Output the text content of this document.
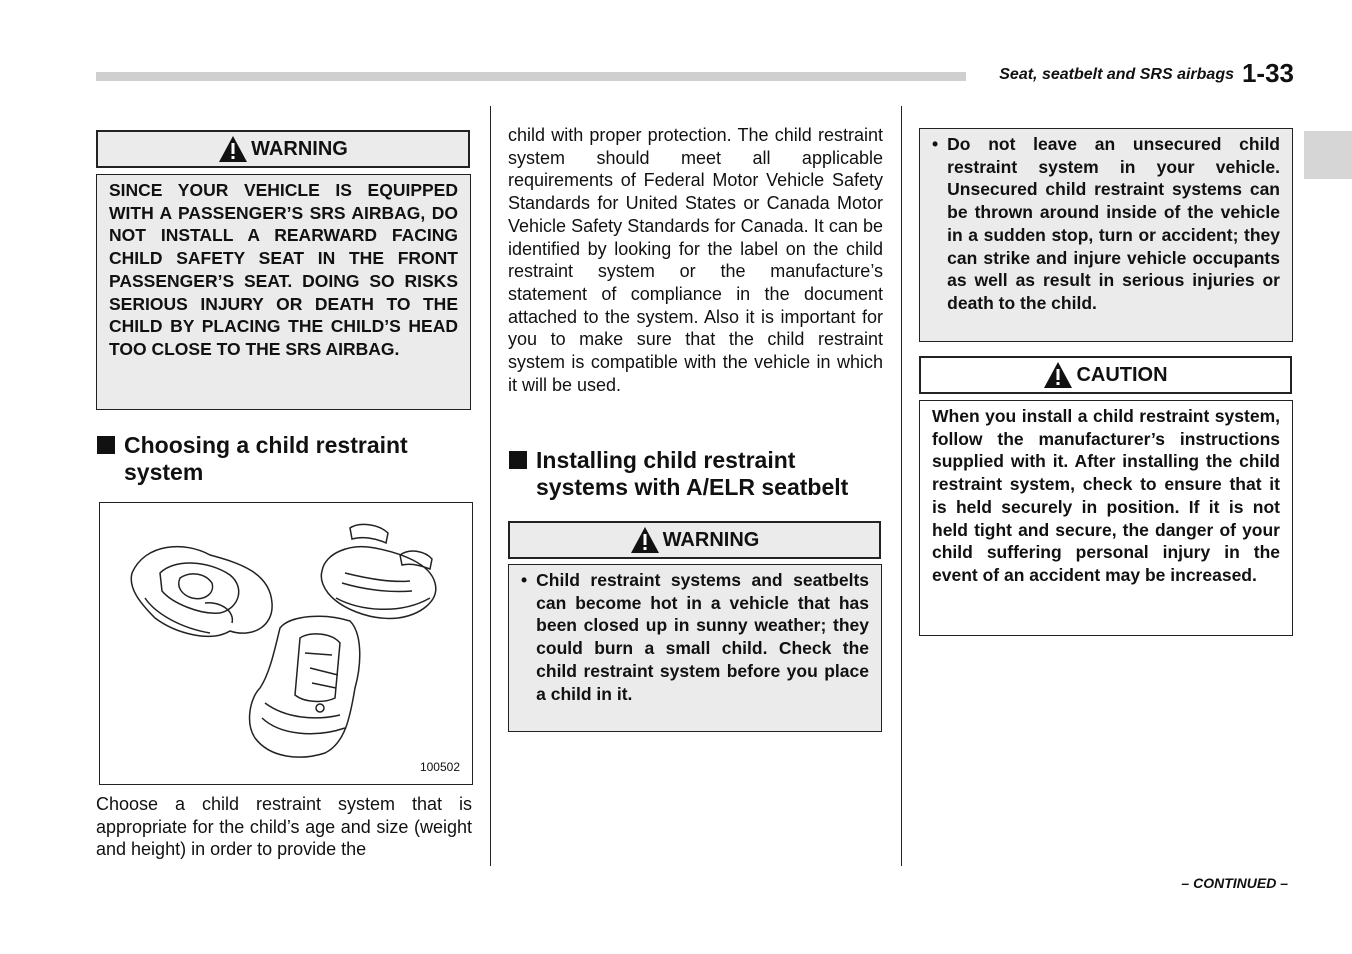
Seat, seatbelt and SRS airbags 1-33
WARNING
SINCE YOUR VEHICLE IS EQUIPPED WITH A PASSENGER’S SRS AIRBAG, DO NOT INSTALL A REARWARD FACING CHILD SAFETY SEAT IN THE FRONT PASSENGER’S SEAT. DOING SO RISKS SERIOUS INJURY OR DEATH TO THE CHILD BY PLACING THE CHILD’S HEAD TOO CLOSE TO THE SRS AIRBAG.
Choosing a child restraint system
100502
Choose a child restraint system that is appropriate for the child’s age and size (weight and height) in order to provide the
child with proper protection. The child restraint system should meet all applicable requirements of Federal Motor Vehicle Safety Standards for United States or Canada Motor Vehicle Safety Standards for Canada. It can be identified by looking for the label on the child restraint system or the manufacture’s statement of compliance in the document attached to the system. Also it is important for you to make sure that the child restraint system is compatible with the vehicle in which it will be used.
Installing child restraint systems with A/ELR seatbelt
WARNING
• Child restraint systems and seatbelts can become hot in a vehicle that has been closed up in sunny weather; they could burn a small child. Check the child restraint system before you place a child in it.
• Do not leave an unsecured child restraint system in your vehicle. Unsecured child restraint systems can be thrown around inside of the vehicle in a sudden stop, turn or accident; they can strike and injure vehicle occupants as well as result in serious injuries or death to the child.
CAUTION
When you install a child restraint system, follow the manufacturer’s instructions supplied with it. After installing the child restraint system, check to ensure that it is held securely in position. If it is not held tight and secure, the danger of your child suffering personal injury in the event of an accident may be increased.
– CONTINUED –
